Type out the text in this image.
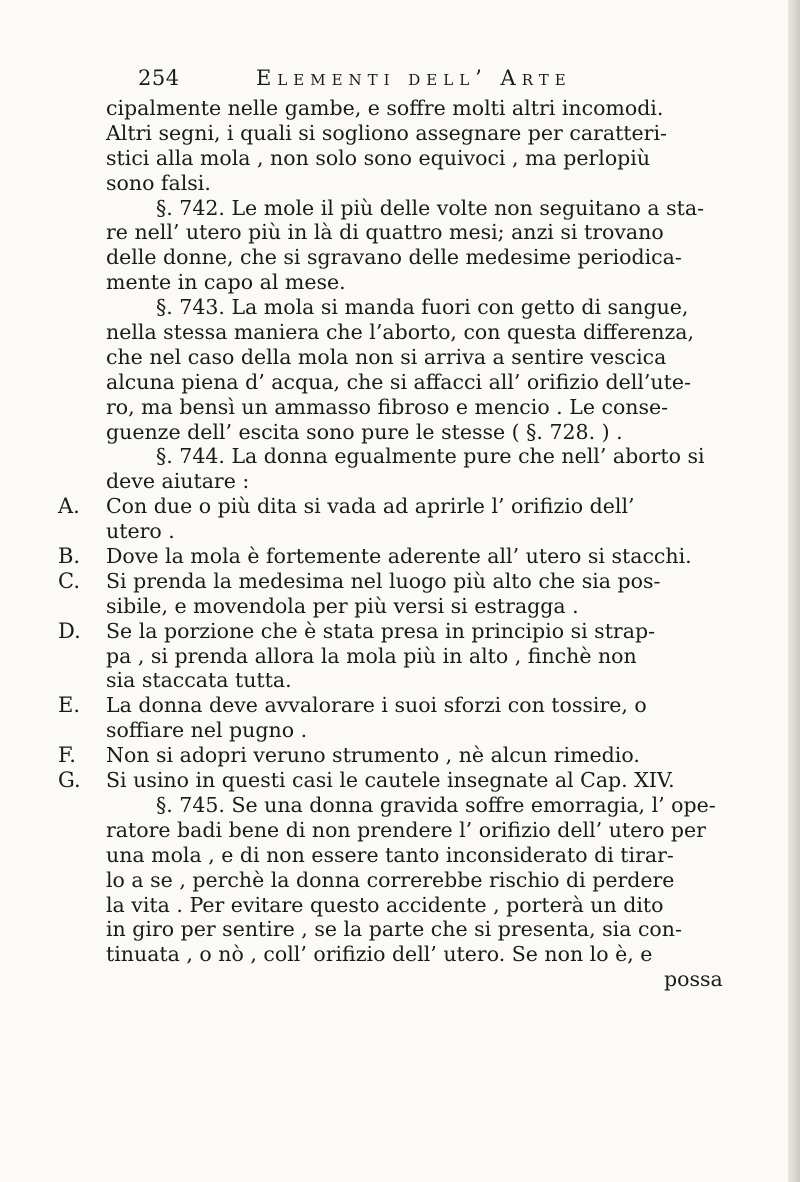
254	Elementi dell’ Arte
cipalmente nelle gambe, e soffre molti altri incomodi.
Altri segni, i quali si sogliono assegnare per caratteri-
stici alla mola , non solo sono equivoci , ma perlopiù
sono falsi.
§. 742. Le mole il più delle volte non seguitano a sta-
re nell’ utero più in là di quattro mesi; anzi si trovano
delle donne, che si sgravano delle medesime periodica-
mente in capo al mese.
§. 743. La mola si manda fuori con getto di sangue,
nella stessa maniera che l’aborto, con questa differenza,
che nel caso della mola non si arriva a sentire vescica
alcuna piena d’ acqua, che si affacci all’ orifizio dell’ute-
ro, ma bensì un ammasso fibroso e mencio . Le conse-
guenze dell’ escita sono pure le stesse ( §. 728. ) .
§. 744. La donna egualmente pure che nell’ aborto si
deve aiutare :
A. Con due o più dita si vada ad aprirle l’ orifizio dell’
utero .
B. Dove la mola è fortemente aderente all’ utero si stacchi.
C. Si prenda la medesima nel luogo più alto che sia pos-
sibile, e movendola per più versi si estragga .
D. Se la porzione che è stata presa in principio si strap-
pa , si prenda allora la mola più in alto , finchè non
sia staccata tutta.
E. La donna deve avvalorare i suoi sforzi con tossire, o
soffiare nel pugno .
F. Non si adopri veruno strumento , nè alcun rimedio.
G. Si usino in questi casi le cautele insegnate al Cap. XIV.
§. 745. Se una donna gravida soffre emorragia, l’ ope-
ratore badi bene di non prendere l’ orifizio dell’ utero per
una mola , e di non essere tanto inconsiderato di tirar-
lo a se , perchè la donna correrebbe rischio di perdere
la vita . Per evitare questo accidente , porterà un dito
in giro per sentire , se la parte che si presenta, sia con-
tinuata , o nò , coll’ orifizio dell’ utero. Se non lo è, e
possa
